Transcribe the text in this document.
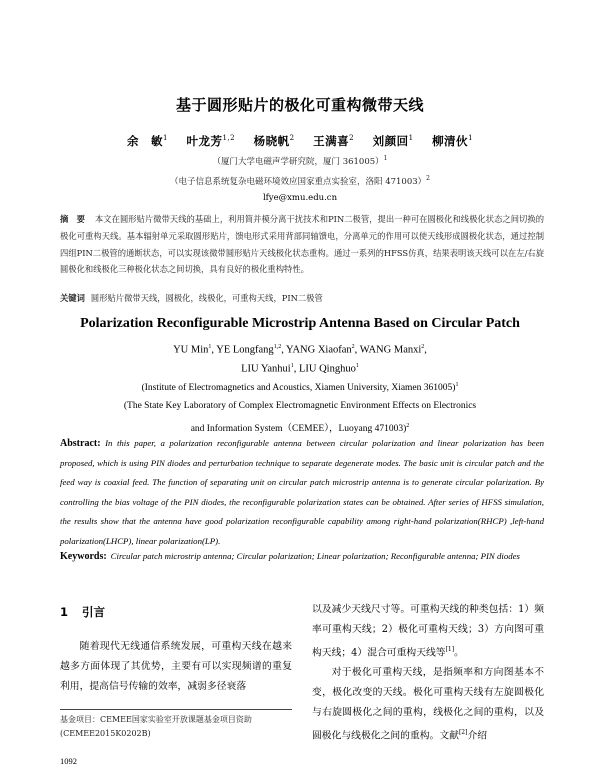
基于圆形贴片的极化可重构微带天线
余　敏$^1$ 叶龙芳$^{1,2}$ 杨晓帆$^2$ 王满喜$^2$ 刘颜回$^1$ 柳清伙$^1$
（厦门大学电磁声学研究院，厦门 361005）$^1$
（电子信息系统复杂电磁环境效应国家重点实验室，洛阳 471003）$^2$
lfye@xmu.edu.cn
摘　要 本文在圆形贴片微带天线的基础上，利用简并模分离干扰技术和PIN二极管，提出一种可在圆极化和线极化状态之间切换的极化可重构天线。基本辐射单元采取圆形贴片，馈电形式采用背部同轴馈电，分离单元的作用可以使天线形成圆极化状态，通过控制四组PIN二极管的通断状态，可以实现该微带圆形贴片天线极化状态重构。通过一系列的HFSS仿真，结果表明该天线可以在左/右旋圆极化和线极化三种极化状态之间切换，具有良好的极化重构特性。
关键词 圆形贴片微带天线，圆极化，线极化，可重构天线，PIN二极管
Polarization Reconfigurable Microstrip Antenna Based on Circular Patch
YU Min$^1$, YE Longfang$^{1,2}$, YANG Xiaofan$^2$, WANG Manxi$^2$,
LIU Yanhui$^1$, LIU Qinghuo$^1$
(Institute of Electromagnetics and Acoustics, Xiamen University, Xiamen 361005)$^1$
(The State Key Laboratory of Complex Electromagnetic Environment Effects on Electronics
and Information System（CEMEE），Luoyang 471003)$^2$
Abstract: In this paper, a polarization reconfigurable antenna between circular polarization and linear polarization has been proposed, which is using PIN diodes and perturbation technique to separate degenerate modes. The basic unit is circular patch and the feed way is coaxial feed. The function of separating unit on circular patch microstrip antenna is to generate circular polarization. By controlling the bias voltage of the PIN diodes, the reconfigurable polarization states can be obtained. After series of HFSS simulation, the results show that the antenna have good polarization reconfigurable capability among right-hand polarization(RHCP) ,left-hand polarization(LHCP), linear polarization(LP).
Keywords: Circular patch microstrip antenna; Circular polarization; Linear polarization; Reconfigurable antenna; PIN diodes
1 引言
随着现代无线通信系统发展，可重构天线在越来越多方面体现了其优势，主要有可以实现频谱的重复利用，提高信号传输的效率，减弱多径衰落

以及减少天线尺寸等。可重构天线的种类包括：1）频率可重构天线；2）极化可重构天线；3）方向图可重构天线；4）混合可重构天线等[1]。

对于极化可重构天线，是指频率和方向图基本不变，极化改变的天线。极化可重构天线有左旋圆极化与右旋圆极化之间的重构，线极化之间的重构，以及圆极化与线极化之间的重构。文献[2]介绍

基金项目：CEMEE国家实验室开放课题基金项目资助(CEMEE2015K0202B)
1092
